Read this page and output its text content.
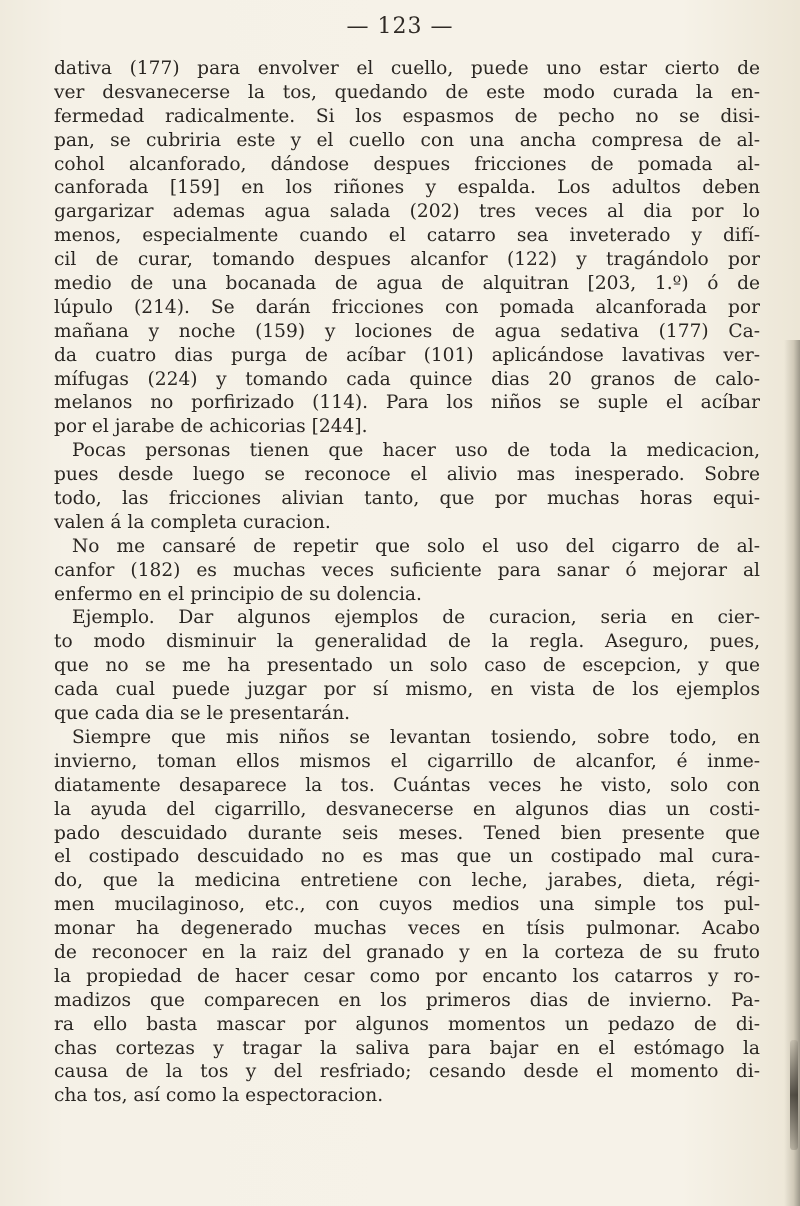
— 123 —
dativa (177) para envolver el cuello, puede uno estar cierto de
ver desvanecerse la tos, quedando de este modo curada la en-
fermedad radicalmente. Si los espasmos de pecho no se disi-
pan, se cubriria este y el cuello con una ancha compresa de al-
cohol alcanforado, dándose despues fricciones de pomada al-
canforada [159] en los riñones y espalda. Los adultos deben
gargarizar ademas agua salada (202) tres veces al dia por lo
menos, especialmente cuando el catarro sea inveterado y difí-
cil de curar, tomando despues alcanfor (122) y tragándolo por
medio de una bocanada de agua de alquitran [203, 1.º) ó de
lúpulo (214). Se darán fricciones con pomada alcanforada por
mañana y noche (159) y lociones de agua sedativa (177) Ca-
da cuatro dias purga de acíbar (101) aplicándose lavativas ver-
mífugas (224) y tomando cada quince dias 20 granos de calo-
melanos no porfirizado (114). Para los niños se suple el acíbar
por el jarabe de achicorias [244].
Pocas personas tienen que hacer uso de toda la medicacion,
pues desde luego se reconoce el alivio mas inesperado. Sobre
todo, las fricciones alivian tanto, que por muchas horas equi-
valen á la completa curacion.
No me cansaré de repetir que solo el uso del cigarro de al-
canfor (182) es muchas veces suficiente para sanar ó mejorar al
enfermo en el principio de su dolencia.
Ejemplo. Dar algunos ejemplos de curacion, seria en cier-
to modo disminuir la generalidad de la regla. Aseguro, pues,
que no se me ha presentado un solo caso de escepcion, y que
cada cual puede juzgar por sí mismo, en vista de los ejemplos
que cada dia se le presentarán.
Siempre que mis niños se levantan tosiendo, sobre todo, en
invierno, toman ellos mismos el cigarrillo de alcanfor, é inme-
diatamente desaparece la tos. Cuántas veces he visto, solo con
la ayuda del cigarrillo, desvanecerse en algunos dias un costi-
pado descuidado durante seis meses. Tened bien presente que
el costipado descuidado no es mas que un costipado mal cura-
do, que la medicina entretiene con leche, jarabes, dieta, régi-
men mucilaginoso, etc., con cuyos medios una simple tos pul-
monar ha degenerado muchas veces en tísis pulmonar. Acabo
de reconocer en la raiz del granado y en la corteza de su fruto
la propiedad de hacer cesar como por encanto los catarros y ro-
madizos que comparecen en los primeros dias de invierno. Pa-
ra ello basta mascar por algunos momentos un pedazo de di-
chas cortezas y tragar la saliva para bajar en el estómago la
causa de la tos y del resfriado; cesando desde el momento di-
cha tos, así como la espectoracion.
